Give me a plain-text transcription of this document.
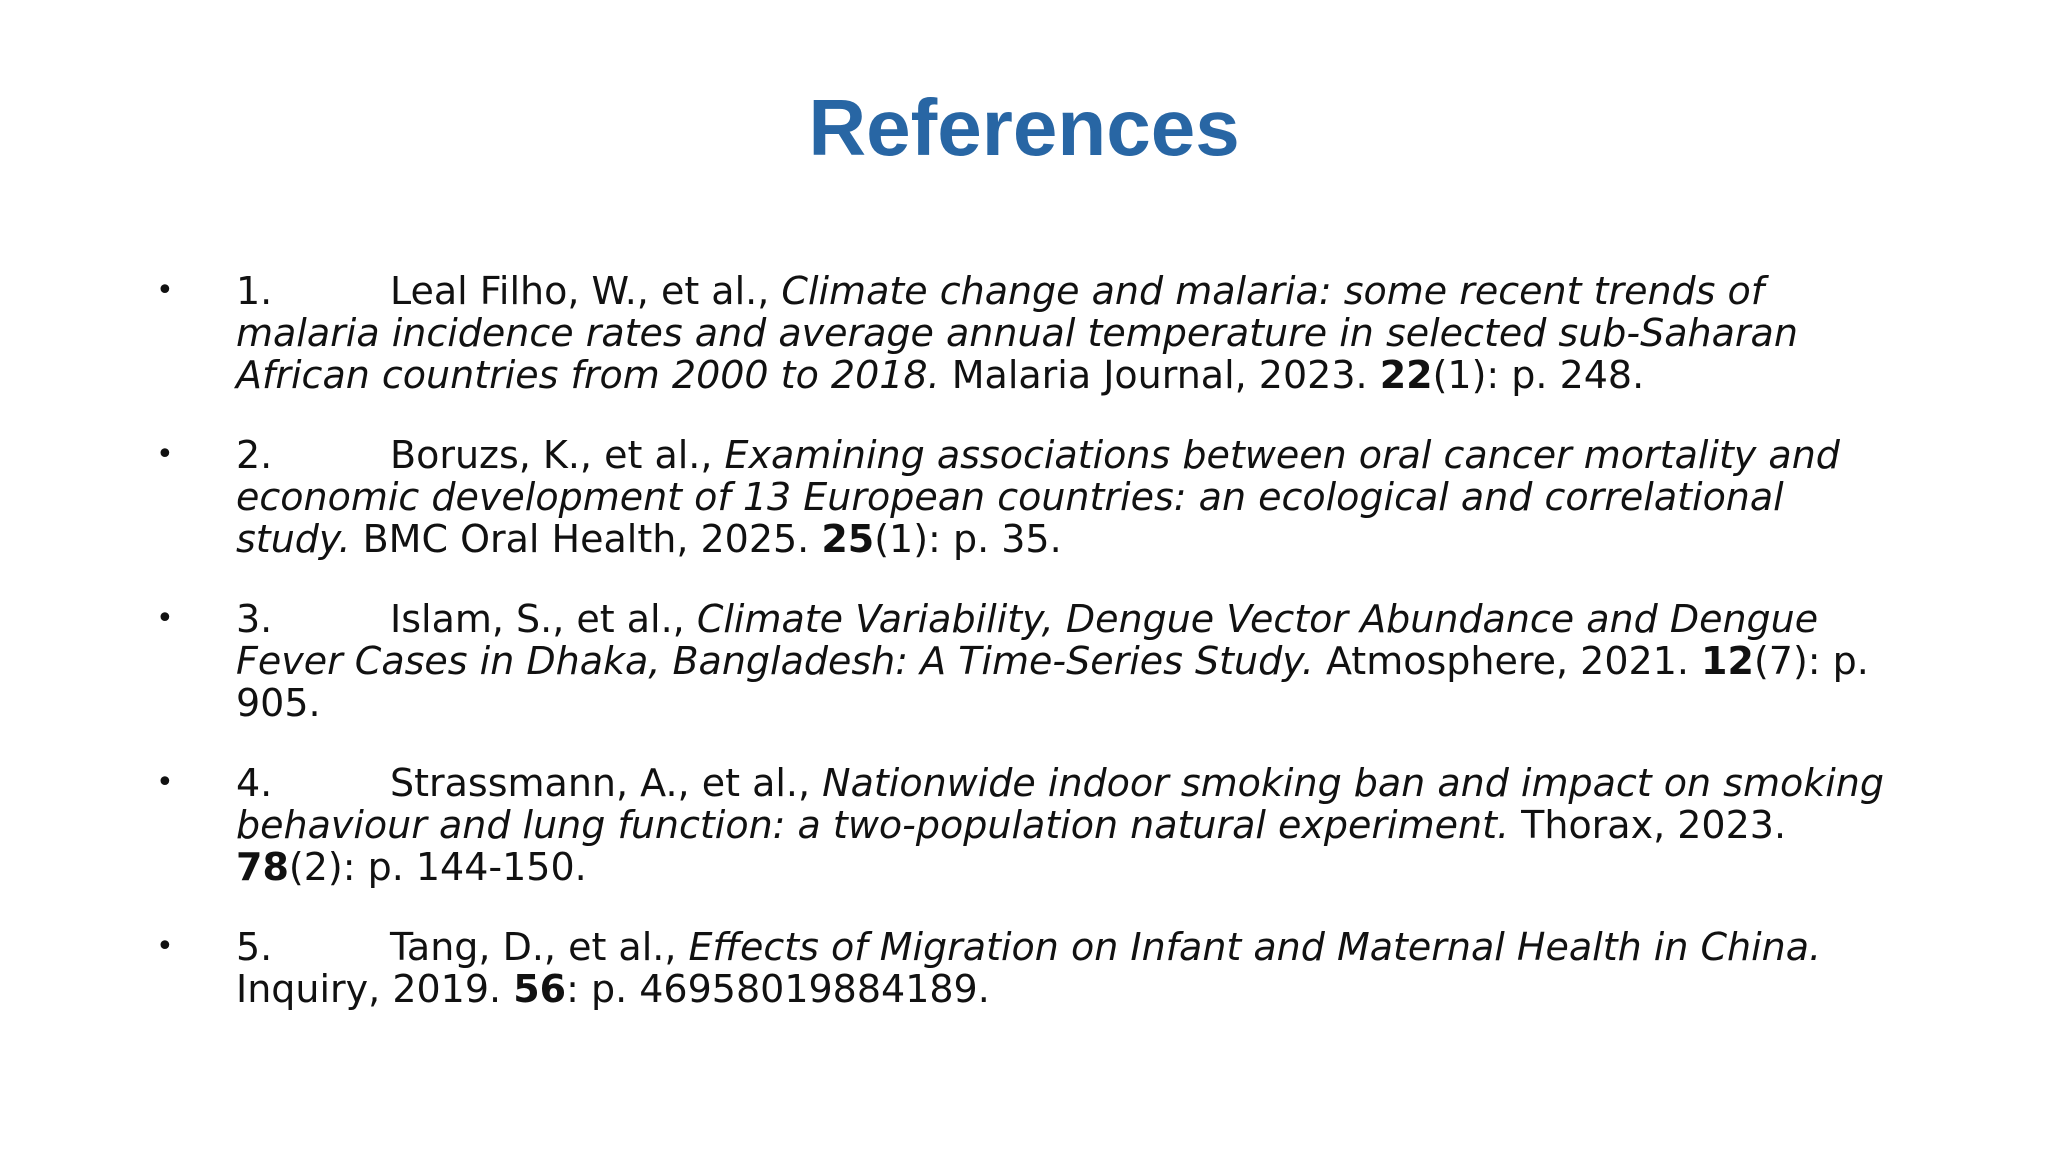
References
• 1.	Leal Filho, W., et al., Climate change and malaria: some recent trends of malaria incidence rates and average annual temperature in selected sub-Saharan African countries from 2000 to 2018. Malaria Journal, 2023. 22(1): p. 248.
• 2.	Boruzs, K., et al., Examining associations between oral cancer mortality and economic development of 13 European countries: an ecological and correlational study. BMC Oral Health, 2025. 25(1): p. 35.
• 3.	Islam, S., et al., Climate Variability, Dengue Vector Abundance and Dengue Fever Cases in Dhaka, Bangladesh: A Time-Series Study. Atmosphere, 2021. 12(7): p. 905.
• 4.	Strassmann, A., et al., Nationwide indoor smoking ban and impact on smoking behaviour and lung function: a two-population natural experiment. Thorax, 2023. 78(2): p. 144-150.
• 5.	Tang, D., et al., Effects of Migration on Infant and Maternal Health in China. Inquiry, 2019. 56: p. 46958019884189.
